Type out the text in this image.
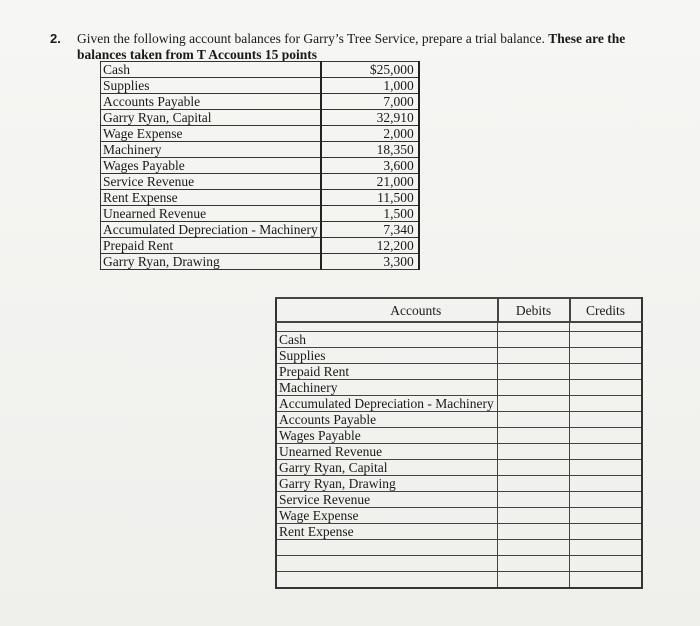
2. Given the following account balances for Garry’s Tree Service, prepare a trial balance. These are the balances taken from T Accounts 15 points
Cash	$25,000
Supplies	1,000
Accounts Payable	7,000
Garry Ryan, Capital	32,910
Wage Expense	2,000
Machinery	18,350
Wages Payable	3,600
Service Revenue	21,000
Rent Expense	11,500
Unearned Revenue	1,500
Accumulated Depreciation - Machinery	7,340
Prepaid Rent	12,200
Garry Ryan, Drawing	3,300
Accounts	Debits	Credits

Cash		
Supplies		
Prepaid Rent		
Machinery		
Accumulated Depreciation - Machinery		
Accounts Payable		
Wages Payable		
Unearned Revenue		
Garry Ryan, Capital		
Garry Ryan, Drawing		
Service Revenue		
Wage Expense		
Rent Expense		
